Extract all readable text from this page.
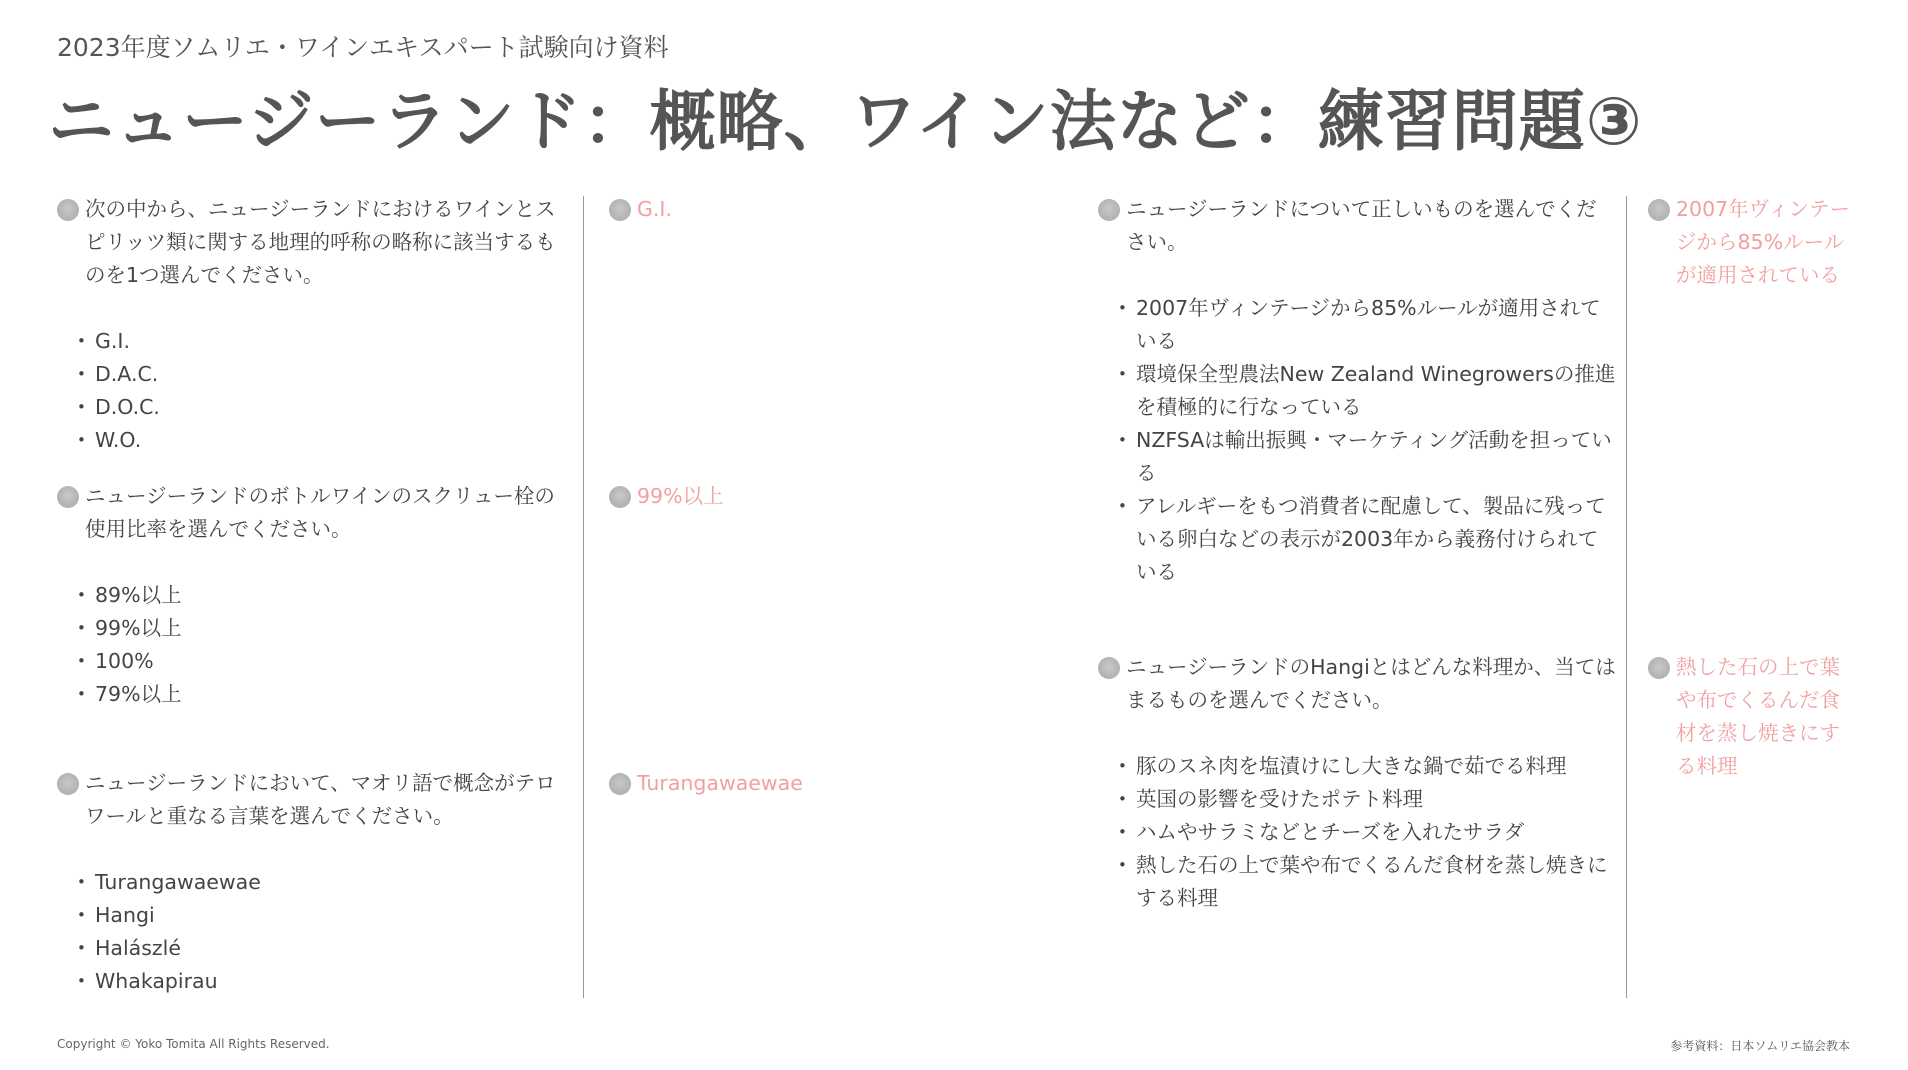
2023年度ソムリエ・ワインエキスパート試験向け資料
ニュージーランド：概略、ワイン法など：練習問題③
次の中から、ニュージーランドにおけるワインとスピリッツ類に関する地理的呼称の略称に該当するものを1つ選んでください。
• G.I.
• D.A.C.
• D.O.C.
• W.O.
G.I.
ニュージーランドのボトルワインのスクリュー栓の使用比率を選んでください。
• 89%以上
• 99%以上
• 100%
• 79%以上
99%以上
ニュージーランドにおいて、マオリ語で概念がテロワールと重なる言葉を選んでください。
• Turangawaewae
• Hangi
• Halászlé
• Whakapirau
Turangawaewae
ニュージーランドについて正しいものを選んでください。
• 2007年ヴィンテージから85%ルールが適用されている
• 環境保全型農法New Zealand Winegrowersの推進を積極的に行なっている
• NZFSAは輸出振興・マーケティング活動を担っている
• アレルギーをもつ消費者に配慮して、製品に残っている卵白などの表示が2003年から義務付けられている
2007年ヴィンテージから85%ルールが適用されている
ニュージーランドのHangiとはどんな料理か、当てはまるものを選んでください。
• 豚のスネ肉を塩漬けにし大きな鍋で茹でる料理
• 英国の影響を受けたポテト料理
• ハムやサラミなどとチーズを入れたサラダ
• 熱した石の上で葉や布でくるんだ食材を蒸し焼きにする料理
熱した石の上で葉や布でくるんだ食材を蒸し焼きにする料理
Copyright © Yoko Tomita All Rights Reserved.	参考資料：日本ソムリエ協会教本
